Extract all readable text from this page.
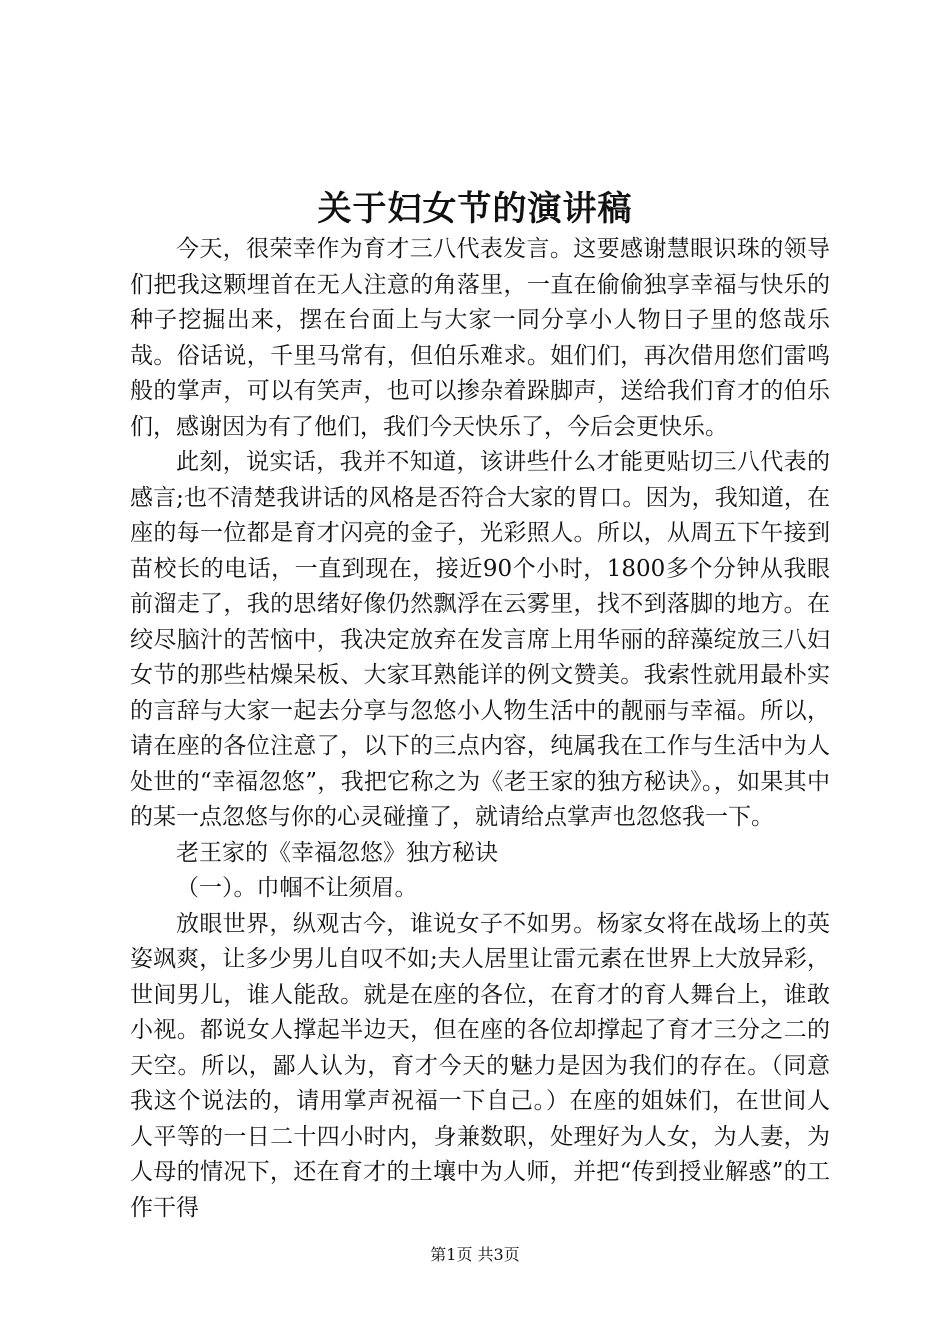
关于妇女节的演讲稿

今天，很荣幸作为育才三八代表发言。这要感谢慧眼识珠的领导们把我这颗埋首在无人注意的角落里，一直在偷偷独享幸福与快乐的种子挖掘出来，摆在台面上与大家一同分享小人物日子里的悠哉乐哉。俗话说，千里马常有，但伯乐难求。姐们们，再次借用您们雷鸣般的掌声，可以有笑声，也可以掺杂着跺脚声，送给我们育才的伯乐们，感谢因为有了他们，我们今天快乐了，今后会更快乐。

此刻，说实话，我并不知道，该讲些什么才能更贴切三八代表的感言;也不清楚我讲话的风格是否符合大家的胃口。因为，我知道，在座的每一位都是育才闪亮的金子，光彩照人。所以，从周五下午接到苗校长的电话，一直到现在，接近90个小时，1800多个分钟从我眼前溜走了，我的思绪好像仍然飘浮在云雾里，找不到落脚的地方。在绞尽脑汁的苦恼中，我决定放弃在发言席上用华丽的辞藻绽放三八妇女节的那些枯燥呆板、大家耳熟能详的例文赞美。我索性就用最朴实的言辞与大家一起去分享与忽悠小人物生活中的靓丽与幸福。所以，请在座的各位注意了，以下的三点内容，纯属我在工作与生活中为人处世的“幸福忽悠”，我把它称之为《老王家的独方秘诀》。，如果其中的某一点忽悠与你的心灵碰撞了，就请给点掌声也忽悠我一下。

老王家的《幸福忽悠》独方秘诀

（一）。巾帼不让须眉。

放眼世界，纵观古今，谁说女子不如男。杨家女将在战场上的英姿飒爽，让多少男儿自叹不如;夫人居里让雷元素在世界上大放异彩，世间男儿，谁人能敌。就是在座的各位，在育才的育人舞台上，谁敢小视。都说女人撑起半边天，但在座的各位却撑起了育才三分之二的天空。所以，鄙人认为，育才今天的魅力是因为我们的存在。（同意我这个说法的，请用掌声祝福一下自己。）在座的姐妹们，在世间人人平等的一日二十四小时内，身兼数职，处理好为人女，为人妻，为人母的情况下，还在育才的土壤中为人师，并把“传到授业解惑”的工作干得

第1页 共3页
